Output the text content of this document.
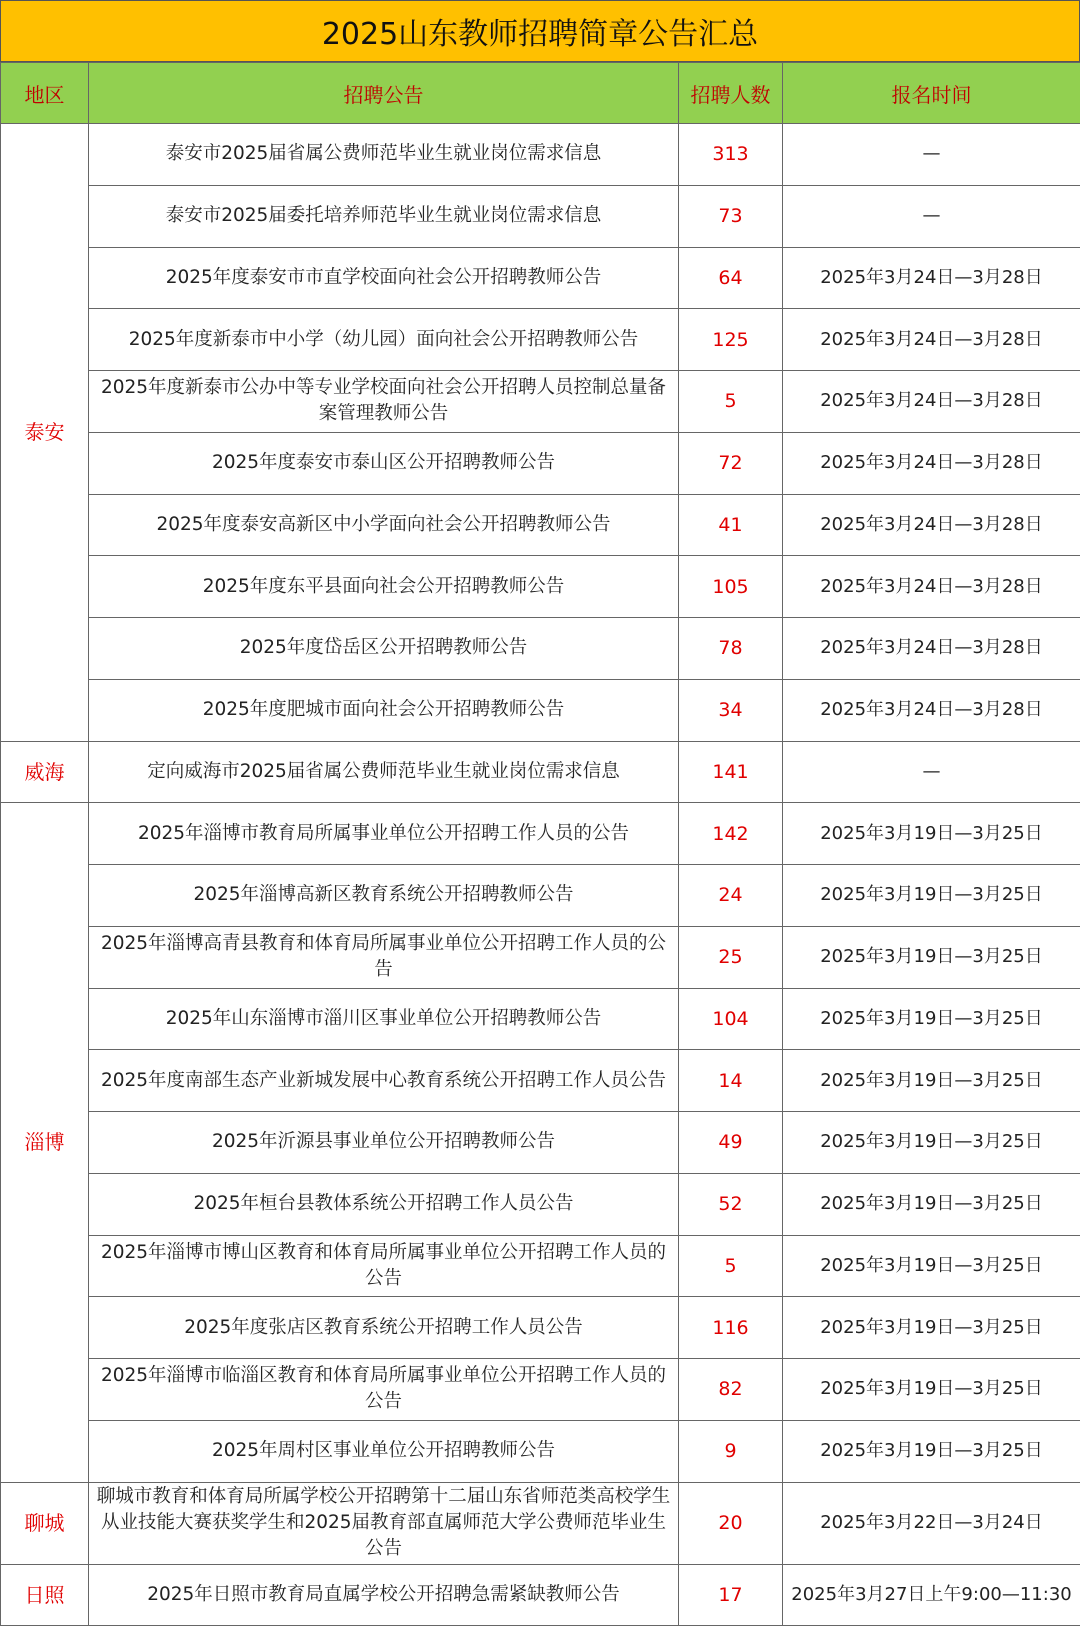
2025山东教师招聘简章公告汇总
地区	招聘公告	招聘人数	报名时间
泰安	泰安市2025届省属公费师范毕业生就业岗位需求信息	313	—
	泰安市2025届委托培养师范毕业生就业岗位需求信息	73	—
	2025年度泰安市市直学校面向社会公开招聘教师公告	64	2025年3月24日—3月28日
	2025年度新泰市中小学（幼儿园）面向社会公开招聘教师公告	125	2025年3月24日—3月28日
	2025年度新泰市公办中等专业学校面向社会公开招聘人员控制总量备案管理教师公告	5	2025年3月24日—3月28日
	2025年度泰安市泰山区公开招聘教师公告	72	2025年3月24日—3月28日
	2025年度泰安高新区中小学面向社会公开招聘教师公告	41	2025年3月24日—3月28日
	2025年度东平县面向社会公开招聘教师公告	105	2025年3月24日—3月28日
	2025年度岱岳区公开招聘教师公告	78	2025年3月24日—3月28日
	2025年度肥城市面向社会公开招聘教师公告	34	2025年3月24日—3月28日
威海	定向威海市2025届省属公费师范毕业生就业岗位需求信息	141	—
淄博	2025年淄博市教育局所属事业单位公开招聘工作人员的公告	142	2025年3月19日—3月25日
	2025年淄博高新区教育系统公开招聘教师公告	24	2025年3月19日—3月25日
	2025年淄博高青县教育和体育局所属事业单位公开招聘工作人员的公告	25	2025年3月19日—3月25日
	2025年山东淄博市淄川区事业单位公开招聘教师公告	104	2025年3月19日—3月25日
	2025年度南部生态产业新城发展中心教育系统公开招聘工作人员公告	14	2025年3月19日—3月25日
	2025年沂源县事业单位公开招聘教师公告	49	2025年3月19日—3月25日
	2025年桓台县教体系统公开招聘工作人员公告	52	2025年3月19日—3月25日
	2025年淄博市博山区教育和体育局所属事业单位公开招聘工作人员的公告	5	2025年3月19日—3月25日
	2025年度张店区教育系统公开招聘工作人员公告	116	2025年3月19日—3月25日
	2025年淄博市临淄区教育和体育局所属事业单位公开招聘工作人员的公告	82	2025年3月19日—3月25日
	2025年周村区事业单位公开招聘教师公告	9	2025年3月19日—3月25日
聊城	聊城市教育和体育局所属学校公开招聘第十二届山东省师范类高校学生从业技能大赛获奖学生和2025届教育部直属师范大学公费师范毕业生公告	20	2025年3月22日—3月24日
日照	2025年日照市教育局直属学校公开招聘急需紧缺教师公告	17	2025年3月27日上午9:00—11:30
